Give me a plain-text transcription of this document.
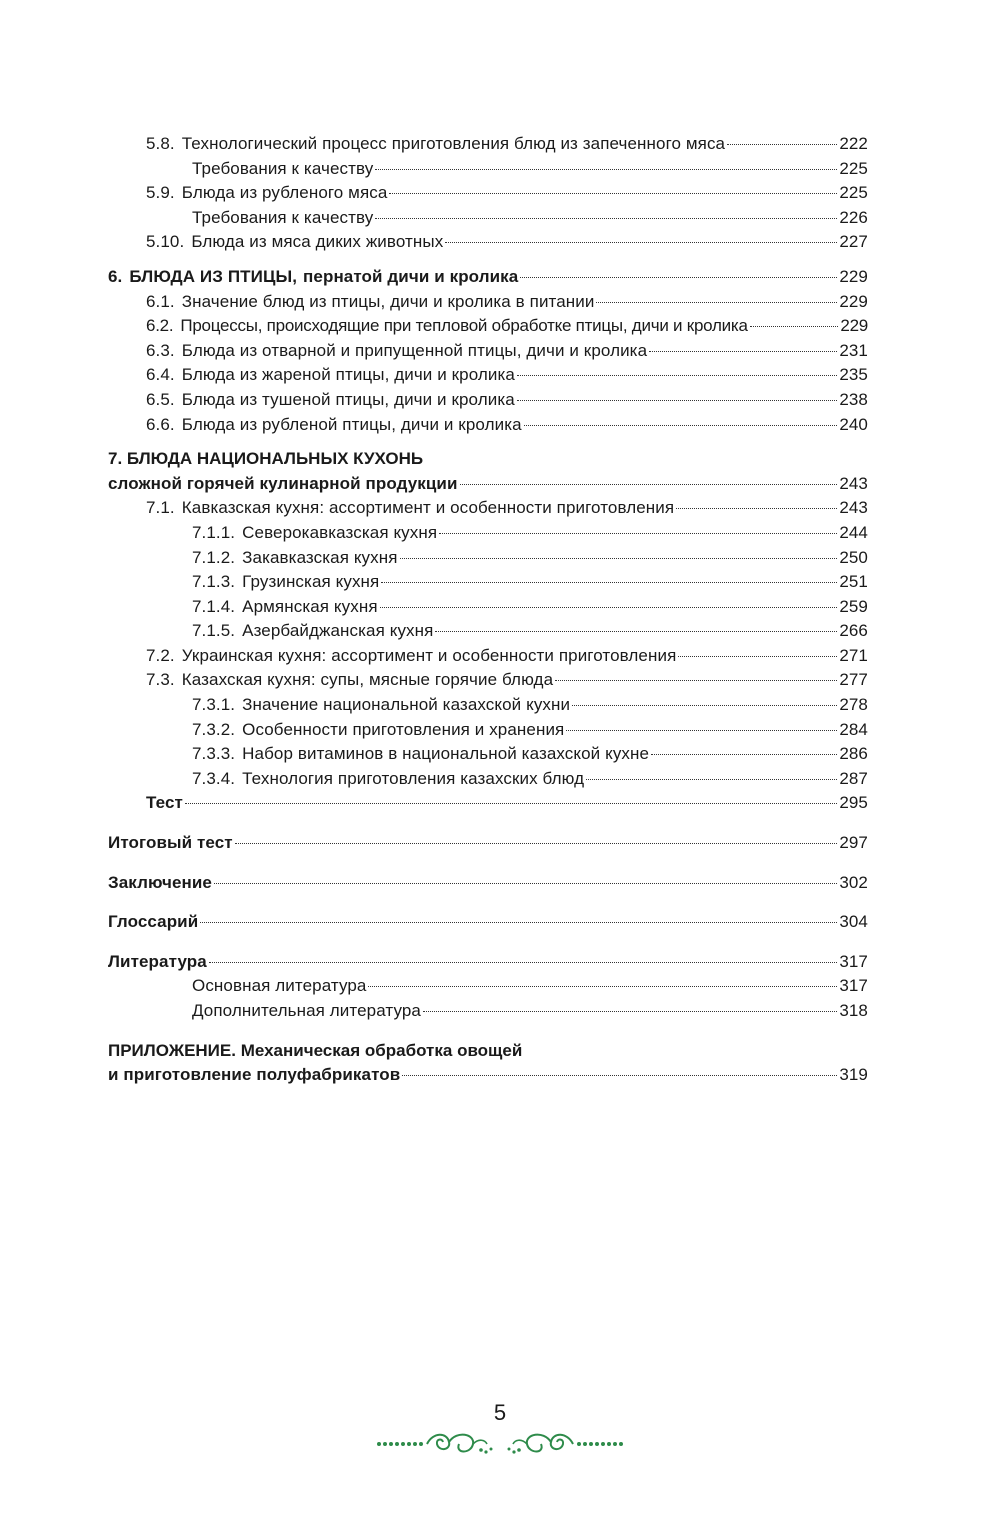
5.8. Технологический процесс приготовления блюд из запеченного мяса	222
Требования к качеству	225
5.9. Блюда из рубленого мяса	225
Требования к качеству	226
5.10. Блюда из мяса диких животных	227
6. БЛЮДА ИЗ ПТИЦЫ, пернатой дичи и кролика	229
6.1. Значение блюд из птицы, дичи и кролика в питании	229
6.2. Процессы, происходящие при тепловой обработке птицы, дичи и кролика	229
6.3. Блюда из отварной и припущенной птицы, дичи и кролика	231
6.4. Блюда из жареной птицы, дичи и кролика	235
6.5. Блюда из тушеной птицы, дичи и кролика	238
6.6. Блюда из рубленой птицы, дичи и кролика	240
7. БЛЮДА НАЦИОНАЛЬНЫХ КУХОНЬ
сложной горячей кулинарной продукции	243
7.1. Кавказская кухня: ассортимент и особенности приготовления	243
7.1.1. Северокавказская кухня	244
7.1.2. Закавказская кухня	250
7.1.3. Грузинская кухня	251
7.1.4. Армянская кухня	259
7.1.5. Азербайджанская кухня	266
7.2. Украинская кухня: ассортимент и особенности приготовления	271
7.3. Казахская кухня: супы, мясные горячие блюда	277
7.3.1. Значение национальной казахской кухни	278
7.3.2. Особенности приготовления и хранения	284
7.3.3. Набор витаминов в национальной казахской кухне	286
7.3.4. Технология приготовления казахских блюд	287
Тест	295
Итоговый тест	297
Заключение	302
Глоссарий	304
Литература	317
Основная литература	317
Дополнительная литература	318
ПРИЛОЖЕНИЕ. Механическая обработка овощей
и приготовление полуфабрикатов	319
5
